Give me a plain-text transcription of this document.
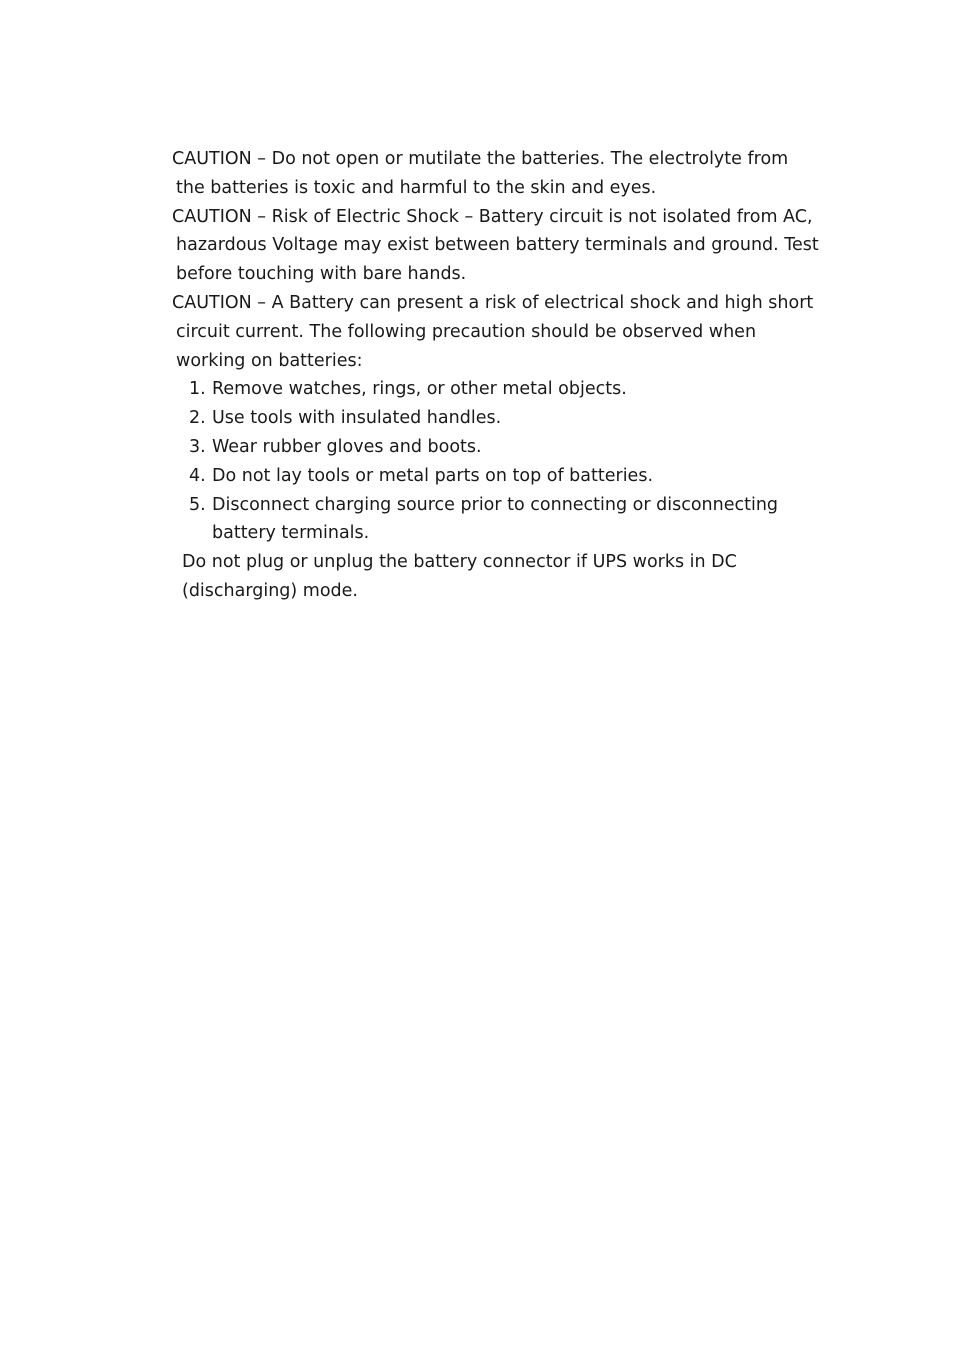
CAUTION – Do not open or mutilate the batteries. The electrolyte from the batteries is toxic and harmful to the skin and eyes.

CAUTION – Risk of Electric Shock – Battery circuit is not isolated from AC, hazardous Voltage may exist between battery terminals and ground. Test before touching with bare hands.

CAUTION – A Battery can present a risk of electrical shock and high short circuit current. The following precaution should be observed when working on batteries:

1. Remove watches, rings, or other metal objects.
2. Use tools with insulated handles.
3. Wear rubber gloves and boots.
4. Do not lay tools or metal parts on top of batteries.
5. Disconnect charging source prior to connecting or disconnecting battery terminals.

Do not plug or unplug the battery connector if UPS works in DC (discharging) mode.
